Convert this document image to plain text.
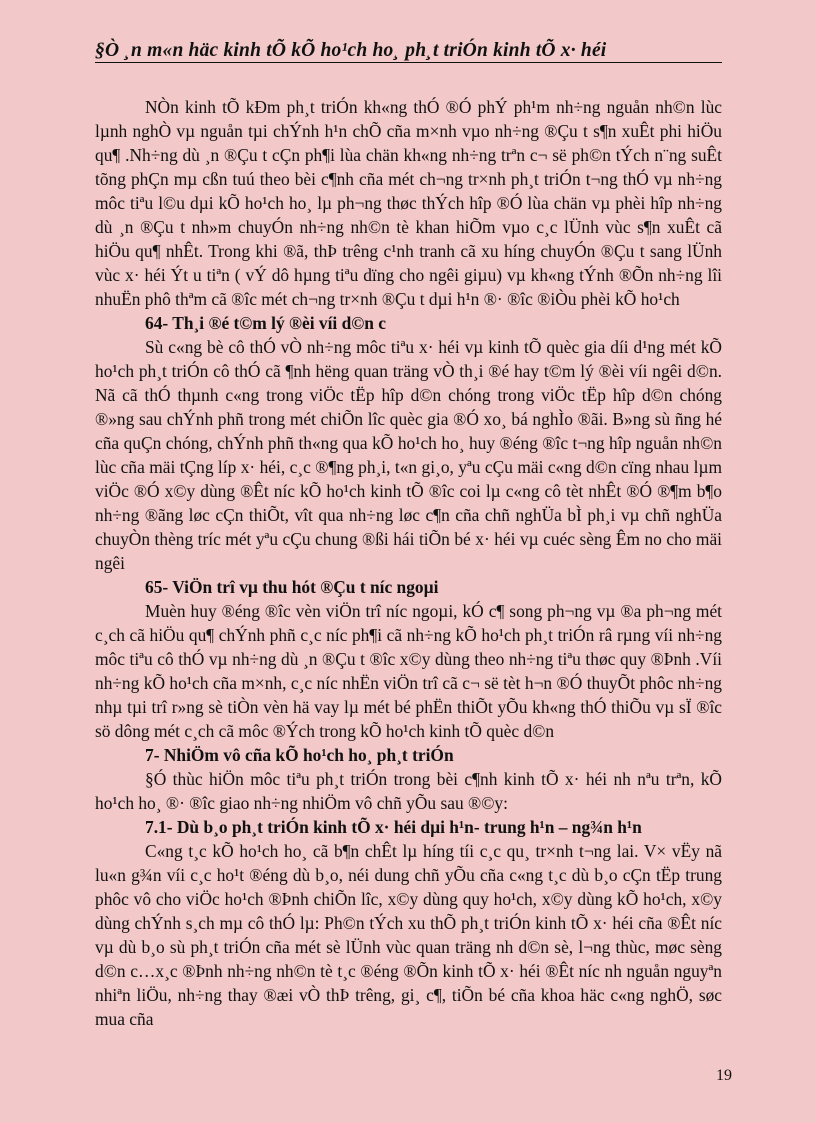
§Ò ¸n m«n häc kinh tÕ kÕ ho¹ch ho¸ ph¸t triÓn kinh tÕ x· héi

NÒn kinh tÕ kÐm ph¸t triÓn kh«ng thÓ ®Ó phÝ ph¹m nh÷ng nguån nh©n lùc lµnh nghÒ vµ nguån tµi chÝnh h¹n chÕ cña m×nh vµo nh÷ng ®Çu t s¶n xuÊt phi hiÖu qu¶ .Nh÷ng dù ¸n ®Çu t cÇn ph¶i lùa chän kh«ng nh÷ng trªn c¬ së ph©n tÝch n¨ng suÊt tõng phÇn mµ cßn tuú theo bèi c¶nh cña mét ch¬ng tr×nh ph¸t triÓn t¬ng thÓ vµ nh÷ng môc tiªu l©u dµi kÕ ho¹ch ho¸ lµ ph¬ng thøc thÝch hîp ®Ó lùa chän vµ phèi hîp nh÷ng dù ¸n ®Çu t nh»m chuyÓn nh÷ng nh©n tè khan hiÕm vµo c¸c lÜnh vùc s¶n xuÊt cã hiÖu qu¶ nhÊt. Trong khi ®ã, thÞ trêng c¹nh tranh cã xu híng chuyÓn ®Çu t sang lÜnh vùc x· héi Ýt u tiªn ( vÝ dô hµng tiªu dïng cho ngêi giµu) vµ kh«ng tÝnh ®Õn nh÷ng lîi nhuËn phô thªm cã ®îc mét ch¬ng tr×nh ®Çu t dµi h¹n ®· ®îc ®iÒu phèi kÕ ho¹ch

64- Th¸i ®é t©m lý ®èi víi d©n c

Sù c«ng bè cô thÓ vÒ nh÷ng môc tiªu x· héi vµ kinh tÕ quèc gia díi d¹ng mét kÕ ho¹ch ph¸t triÓn cô thÓ cã ¶nh hëng quan träng vÒ th¸i ®é hay t©m lý ®èi víi ngêi d©n. Nã cã thÓ thµnh c«ng trong viÖc tËp hîp d©n chóng trong viÖc tËp hîp d©n chóng ®»ng sau chÝnh phñ trong mét chiÕn lîc quèc gia ®Ó xo¸ bá nghÌo ®ãi. B»ng sù ñng hé cña quÇn chóng, chÝnh phñ th«ng qua kÕ ho¹ch ho¸ huy ®éng ®îc t¬ng hîp nguån nh©n lùc cña mäi tÇng líp x· héi, c¸c ®¶ng ph¸i, t«n gi¸o, yªu cÇu mäi c«ng d©n cïng nhau lµm viÖc ®Ó x©y dùng ®Êt níc kÕ ho¹ch kinh tÕ ®îc coi lµ c«ng cô tèt nhÊt ®Ó ®¶m b¶o nh÷ng ®ãng løc cÇn thiÕt, vît qua nh÷ng løc c¶n cña chñ nghÜa bÌ ph¸i vµ chñ nghÜa chuyÒn thèng tríc mét yªu cÇu chung ®ßi hái tiÕn bé x· héi vµ cuéc sèng Êm no cho mäi ngêi

65- ViÖn trî vµ thu hót ®Çu t níc ngoµi

Muèn huy ®éng ®îc vèn viÖn trî níc ngoµi, kÓ c¶ song ph¬ng vµ ®a ph¬ng mét c¸ch cã hiÖu qu¶ chÝnh phñ c¸c níc ph¶i cã nh÷ng kÕ ho¹ch ph¸t triÓn râ rµng víi nh÷ng môc tiªu cô thÓ vµ nh÷ng dù ¸n ®Çu t ®îc x©y dùng theo nh÷ng tiªu thøc quy ®Þnh .Víi nh÷ng kÕ ho¹ch cña m×nh, c¸c níc nhËn viÖn trî cã c¬ së tèt h¬n ®Ó thuyÕt phôc nh÷ng nhµ tµi trî r»ng sè tiÒn vèn hä vay lµ mét bé phËn thiÕt yÕu kh«ng thÓ thiÕu vµ sÏ ®îc sö dông mét c¸ch cã môc ®Ých trong kÕ ho¹ch kinh tÕ quèc d©n

7- NhiÖm vô cña kÕ ho¹ch ho¸ ph¸t triÓn

§Ó thùc hiÖn môc tiªu ph¸t triÓn trong bèi c¶nh kinh tÕ x· héi nh nªu trªn, kÕ ho¹ch ho¸ ®· ®îc giao nh÷ng nhiÖm vô chñ yÕu sau ®©y:

7.1- Dù b¸o ph¸t triÓn kinh tÕ x· héi dµi h¹n- trung h¹n – ng¾n h¹n

C«ng t¸c kÕ ho¹ch ho¸ cã b¶n chÊt lµ híng tíi c¸c qu¸ tr×nh t¬ng lai. V× vËy nã lu«n g¾n víi c¸c ho¹t ®éng dù b¸o, néi dung chñ yÕu cña c«ng t¸c dù b¸o cÇn tËp trung phôc vô cho viÖc ho¹ch ®Þnh chiÕn lîc, x©y dùng quy ho¹ch, x©y dùng kÕ ho¹ch, x©y dùng chÝnh s¸ch mµ cô thÓ lµ: Ph©n tÝch xu thÕ ph¸t triÓn kinh tÕ x· héi cña ®Êt níc vµ dù b¸o sù ph¸t triÓn cña mét sè lÜnh vùc quan träng nh d©n sè, l¬ng thùc, møc sèng d©n c…x¸c ®Þnh nh÷ng nh©n tè t¸c ®éng ®Õn kinh tÕ x· héi ®Êt níc nh nguån nguyªn nhiªn liÖu, nh÷ng thay ®æi vÒ thÞ trêng, gi¸ c¶, tiÕn bé cña khoa häc c«ng nghÖ, søc mua cña

19
